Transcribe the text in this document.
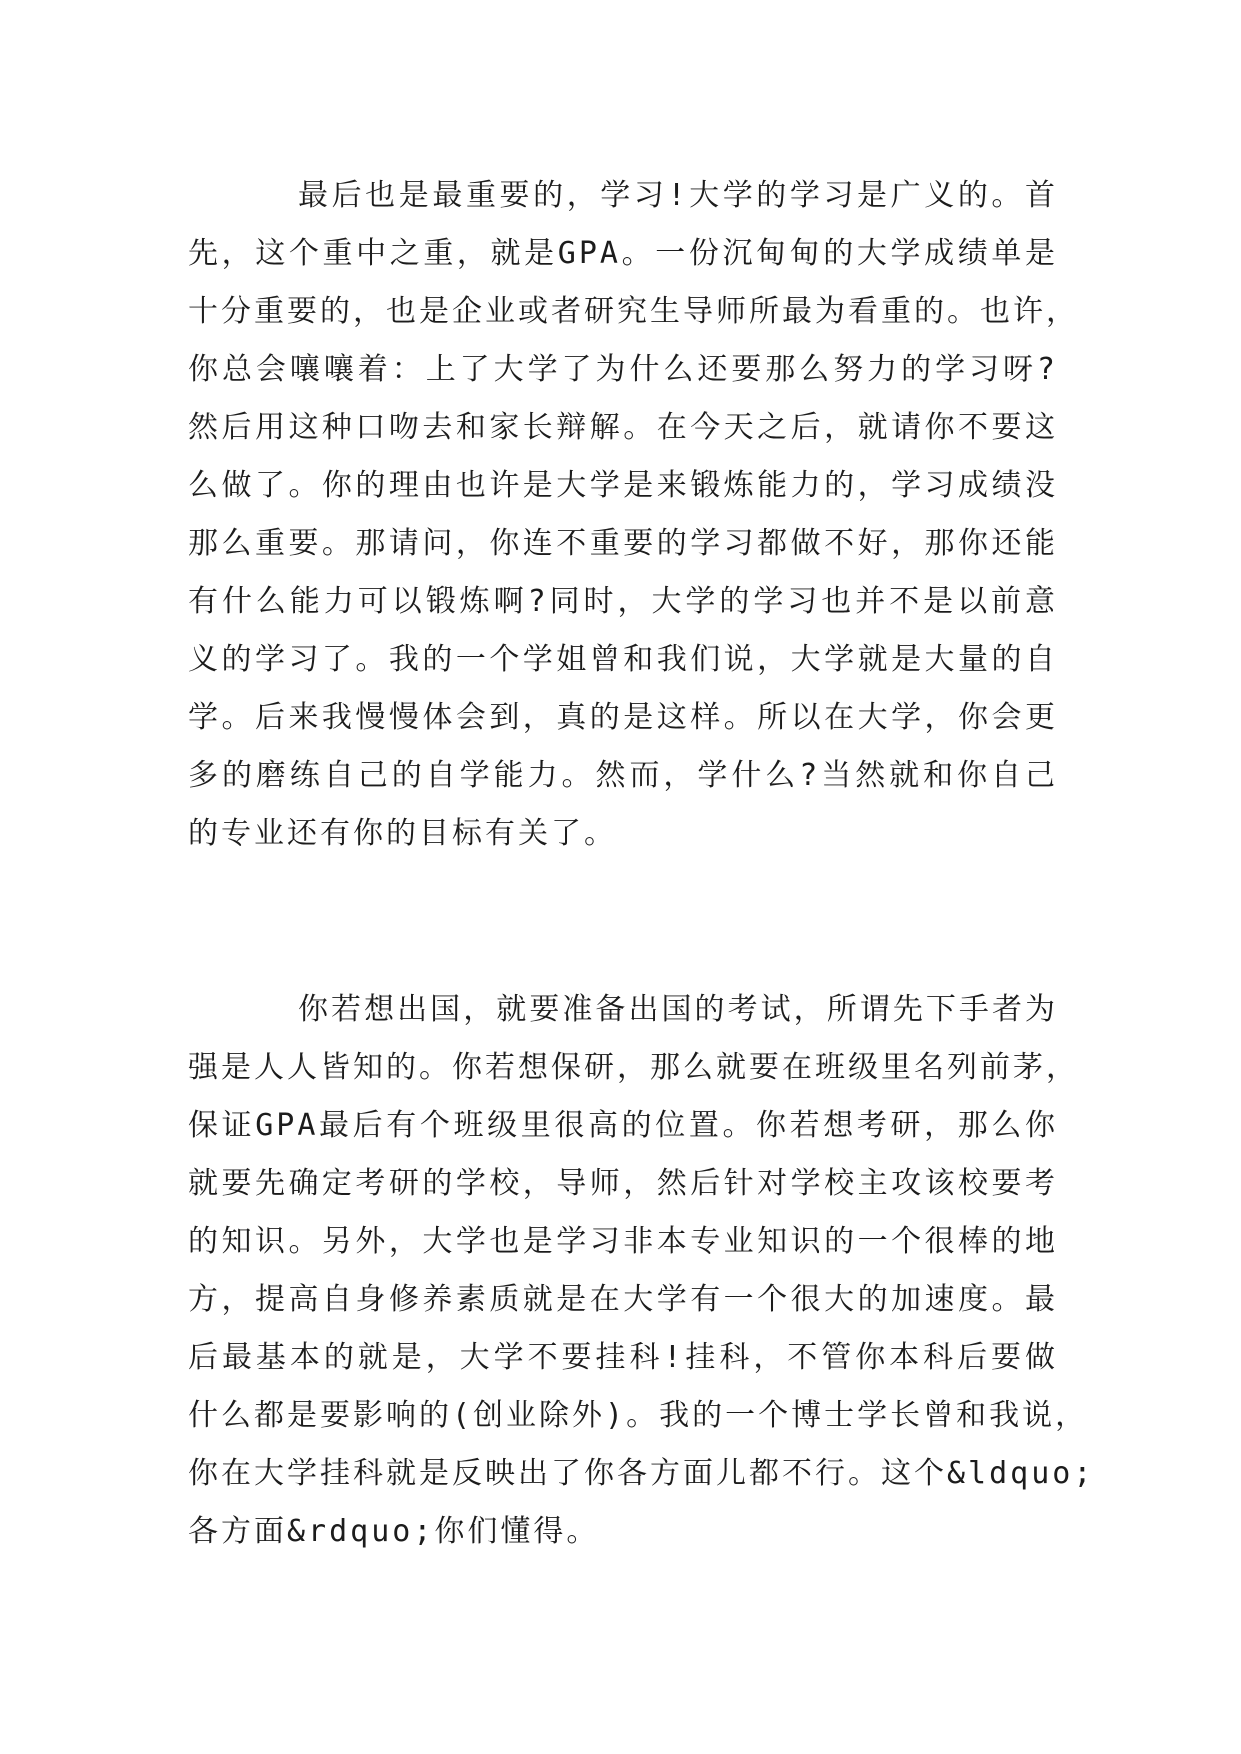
最后也是最重要的，学习!大学的学习是广义的。首
先，这个重中之重，就是GPA。一份沉甸甸的大学成绩单是
十分重要的，也是企业或者研究生导师所最为看重的。也许，
你总会嚷嚷着：上了大学了为什么还要那么努力的学习呀?
然后用这种口吻去和家长辩解。在今天之后，就请你不要这
么做了。你的理由也许是大学是来锻炼能力的，学习成绩没
那么重要。那请问，你连不重要的学习都做不好，那你还能
有什么能力可以锻炼啊?同时，大学的学习也并不是以前意
义的学习了。我的一个学姐曾和我们说，大学就是大量的自
学。后来我慢慢体会到，真的是这样。所以在大学，你会更
多的磨练自己的自学能力。然而，学什么?当然就和你自己
的专业还有你的目标有关了。
你若想出国，就要准备出国的考试，所谓先下手者为
强是人人皆知的。你若想保研，那么就要在班级里名列前茅，
保证GPA最后有个班级里很高的位置。你若想考研，那么你
就要先确定考研的学校，导师，然后针对学校主攻该校要考
的知识。另外，大学也是学习非本专业知识的一个很棒的地
方，提高自身修养素质就是在大学有一个很大的加速度。最
后最基本的就是，大学不要挂科!挂科，不管你本科后要做
什么都是要影响的(创业除外)。我的一个博士学长曾和我说，
你在大学挂科就是反映出了你各方面儿都不行。这个&ldquo;
各方面&rdquo;你们懂得。
